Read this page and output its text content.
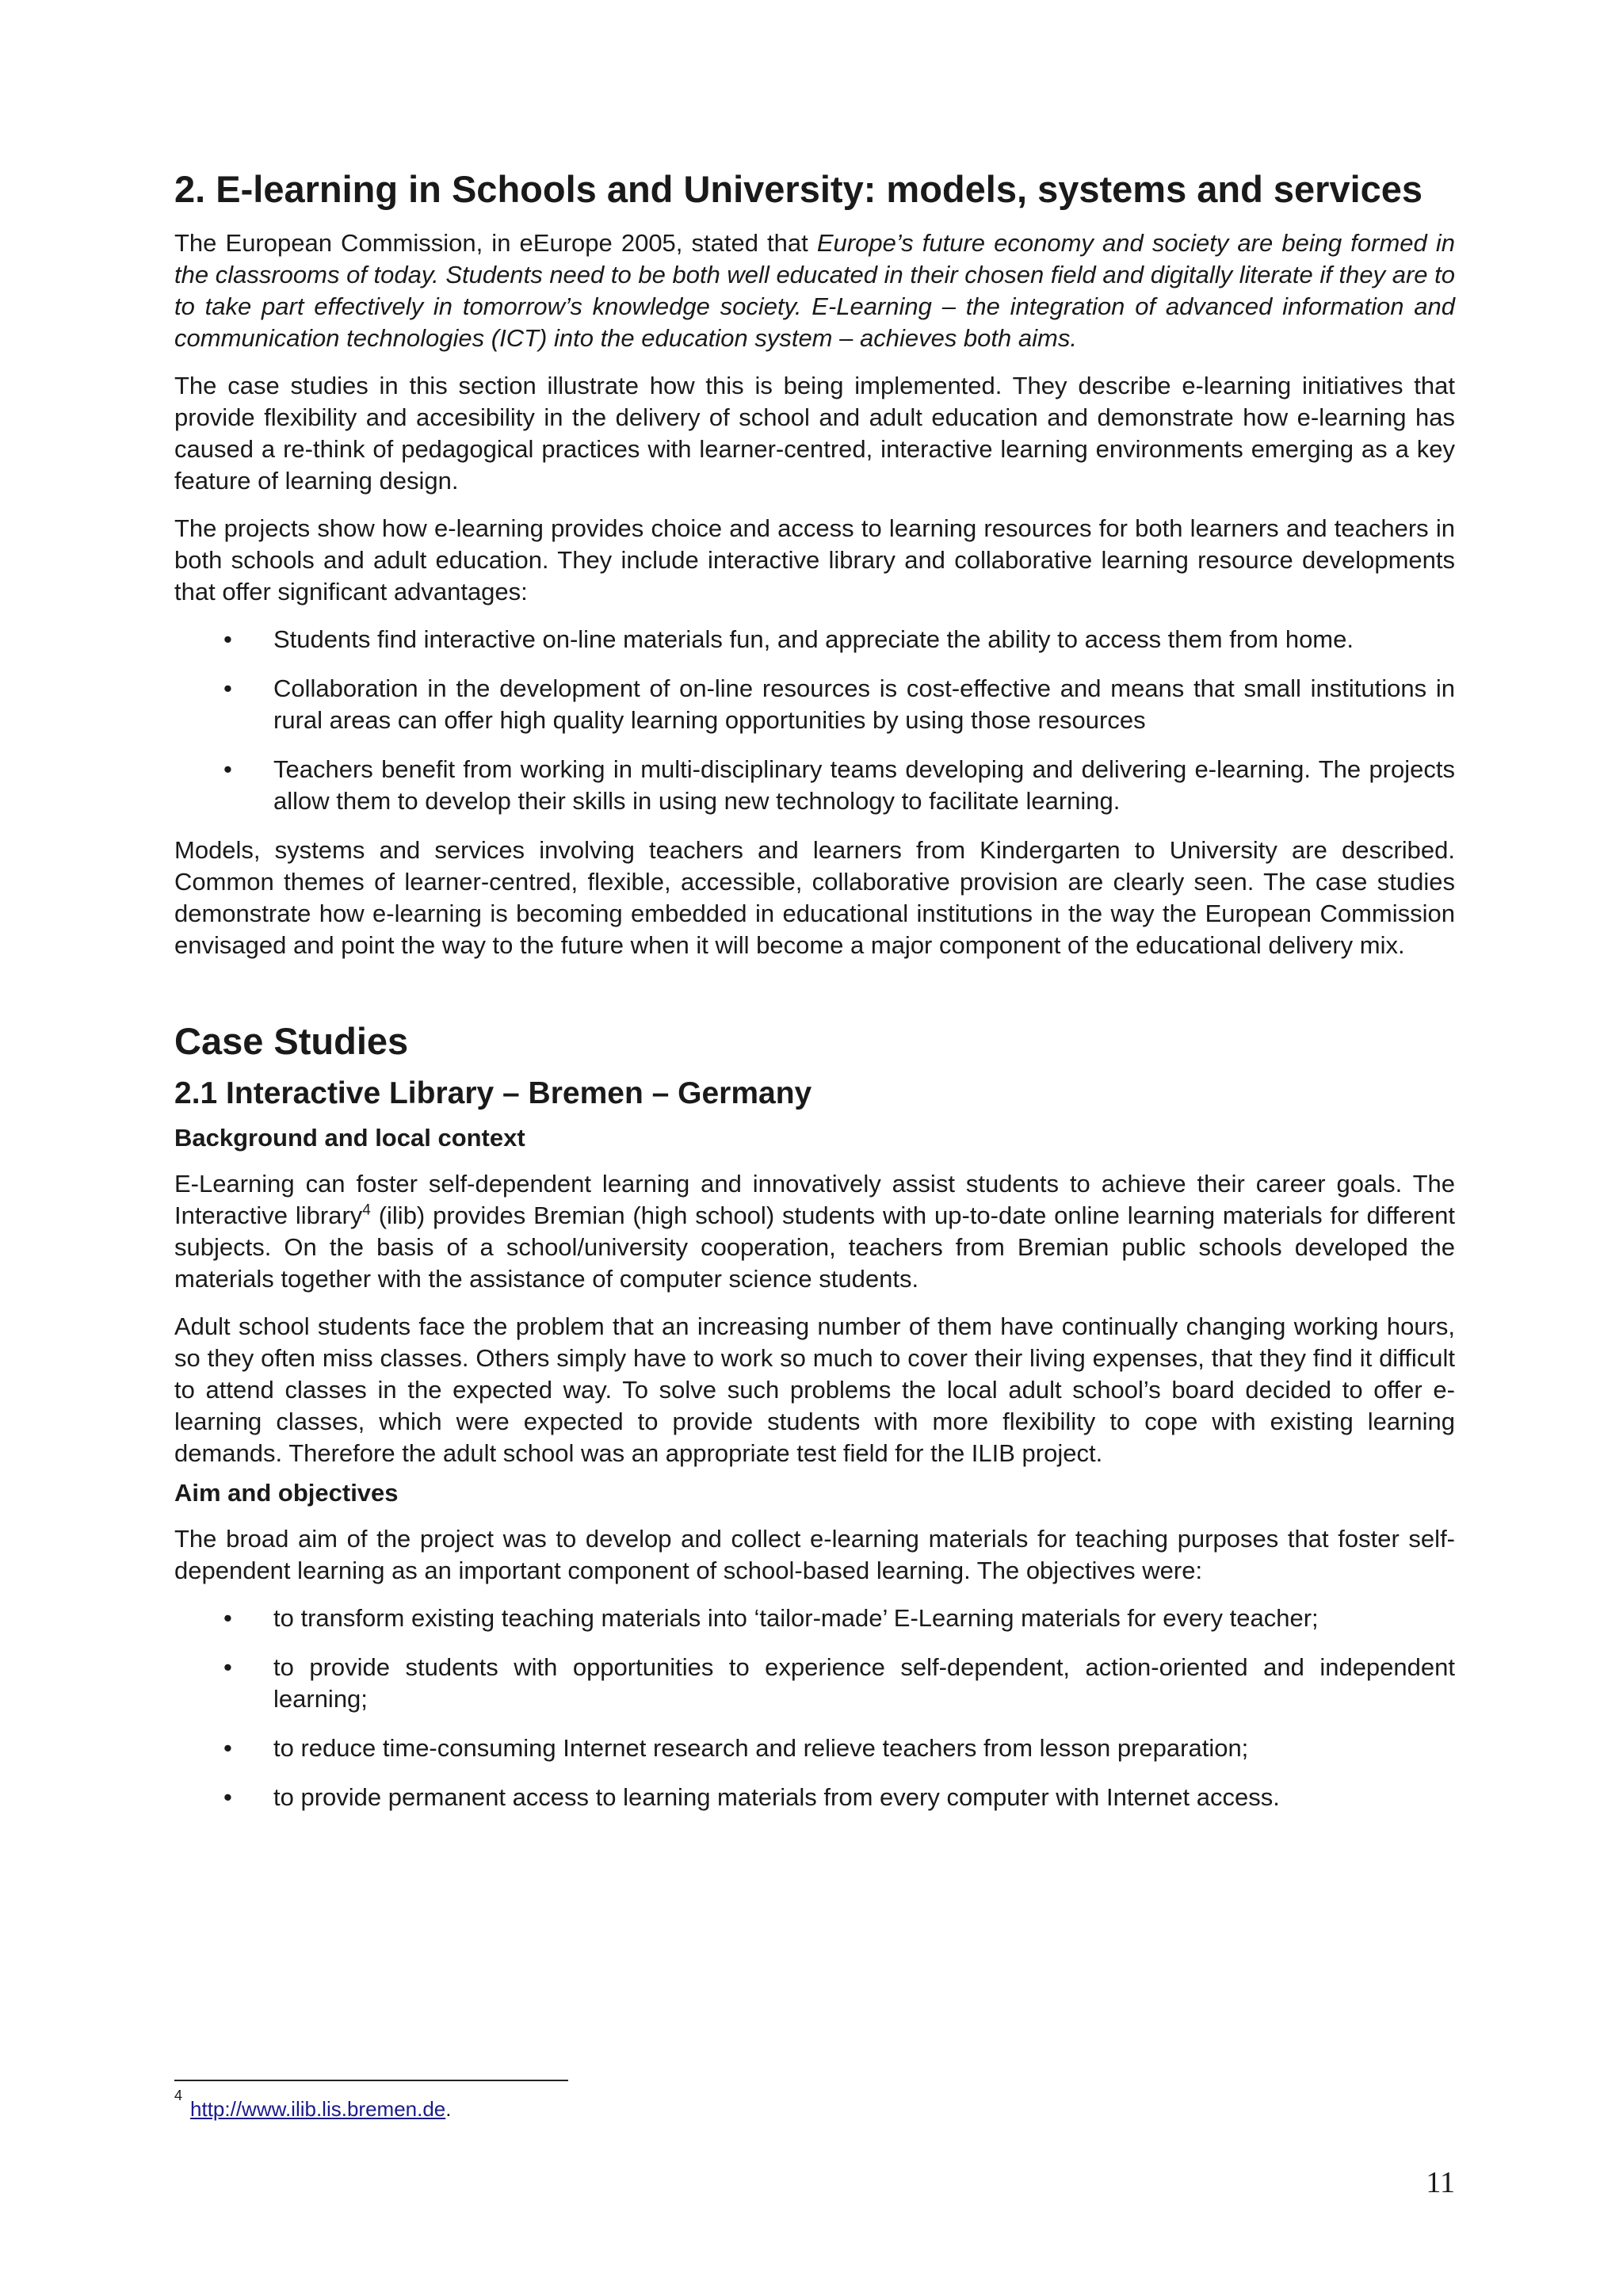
2. E-learning in Schools and University: models, systems and services

The European Commission, in eEurope 2005, stated that Europe’s future economy and society are being formed in the classrooms of today. Students need to be both well educated in their chosen field and digitally literate if they are to to take part effectively in tomorrow’s knowledge society. E-Learning – the integration of advanced information and communication technologies (ICT) into the education system – achieves both aims.

The case studies in this section illustrate how this is being implemented. They describe e-learning initiatives that provide flexibility and accesibility in the delivery of school and adult education and demonstrate how e-learning has caused a re-think of pedagogical practices with learner-centred, interactive learning environments emerging as a key feature of learning design.

The projects show how e-learning provides choice and access to learning resources for both learners and teachers in both schools and adult education. They include interactive library and collaborative learning resource developments that offer significant advantages:

• Students find interactive on-line materials fun, and appreciate the ability to access them from home.
• Collaboration in the development of on-line resources is cost-effective and means that small institutions in rural areas can offer high quality learning opportunities by using those resources
• Teachers benefit from working in multi-disciplinary teams developing and delivering e-learning. The projects allow them to develop their skills in using new technology to facilitate learning.

Models, systems and services involving teachers and learners from Kindergarten to University are described. Common themes of learner-centred, flexible, accessible, collaborative provision are clearly seen. The case studies demonstrate how e-learning is becoming embedded in educational institutions in the way the European Commission envisaged and point the way to the future when it will become a major component of the educational delivery mix.

Case Studies
2.1 Interactive Library – Bremen – Germany
Background and local context

E-Learning can foster self-dependent learning and innovatively assist students to achieve their career goals. The Interactive library$^4$ (ilib) provides Bremian (high school) students with up-to-date online learning materials for different subjects. On the basis of a school/university cooperation, teachers from Bremian public schools developed the materials together with the assistance of computer science students.

Adult school students face the problem that an increasing number of them have continually changing working hours, so they often miss classes. Others simply have to work so much to cover their living expenses, that they find it difficult to attend classes in the expected way. To solve such problems the local adult school’s board decided to offer e-learning classes, which were expected to provide students with more flexibility to cope with existing learning demands. Therefore the adult school was an appropriate test field for the ILIB project.

Aim and objectives

The broad aim of the project was to develop and collect e-learning materials for teaching purposes that foster self-dependent learning as an important component of school-based learning. The objectives were:

• to transform existing teaching materials into ‘tailor-made’ E-Learning materials for every teacher;
• to provide students with opportunities to experience self-dependent, action-oriented and independent learning;
• to reduce time-consuming Internet research and relieve teachers from lesson preparation;
• to provide permanent access to learning materials from every computer with Internet access.
$^4$http://www.ilib.lis.bremen.de.
11
